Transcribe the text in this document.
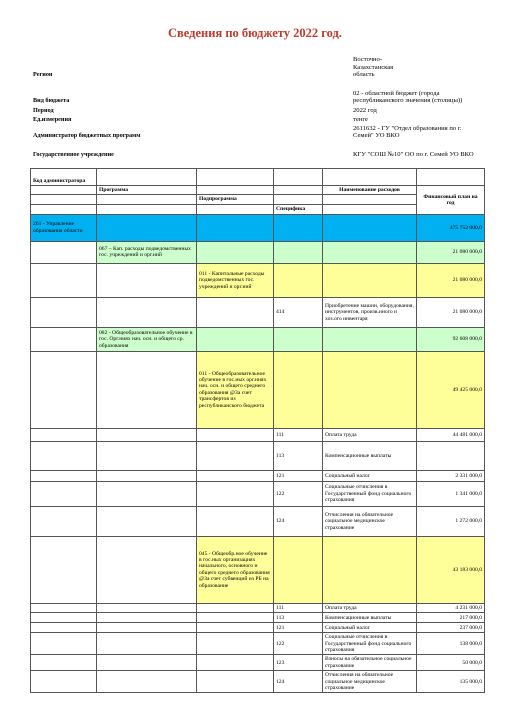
Сведения по бюджету 2022 год.
Регион
Восточно-Казахстанская область
Вид бюджета
02 - областной бюджет (города республиканского значения (столицы))
Период	2022 год
Ед.измерения	тенге
Администратор бюджетных программ
2611632 - ГУ "Отдел образования по г. Семей" УО ВКО
Государственное учреждение	КГУ "СОШ №10" ОО по г. Семей УО ВКО
Код администратора					
	Программа			Наименование расходов	Финансовый план на год
		Подпрограмма			
			Специфика		
261 - Управление образования области					475 752 000,0
	067 – Кап. расходы подведомственных гос. учреждений и орг.ний				21 080 000,0
		011 - Капитальные расходы подведомственных гос. учреждений и орг.ний			21 080 000,0
			414	Приобретение машин, оборудования, инструментов, произв.иного и хоз.ого инвентаря	21 080 000,0
	082 - Общеобразовательное обучение в гос. Орг.ниях нач. осн. и общего ср. образования				92 608 000,0
		011 - Общеобразовательное обучение в гос.ных орг.ниях нач. осн. и общего среднего образования @За счет трансфертов из республиканского бюджета			49 425 000,0
			111	Оплата труда	44 481 000,0
			113	Компенсационные выплаты	
			121	Социальный налог	2 331 000,0
			122	Социальные отчисления в Государственный фонд социального страхования	1 341 000,0
			124	Отчисления на обязательное социальное медицинское страхование	1 272 000,0
		045 - Общеобр.ное обучение в гос.ных организациях начального, основного и общего среднего образования @За счет субвенций из РБ на образование			43 183 000,0
			111	Оплата труда	4 231 000,0
			113	Компенсационные выплаты	217 000,0
			121	Социальный налог	237 000,0
			122	Социальные отчисления в Государственный фонд социального страхования	138 000,0
			123	Взносы на обязательное социальное страхование	50 000,0
			124	Отчисления на обязательное социальное медицинское страхование	135 000,0
